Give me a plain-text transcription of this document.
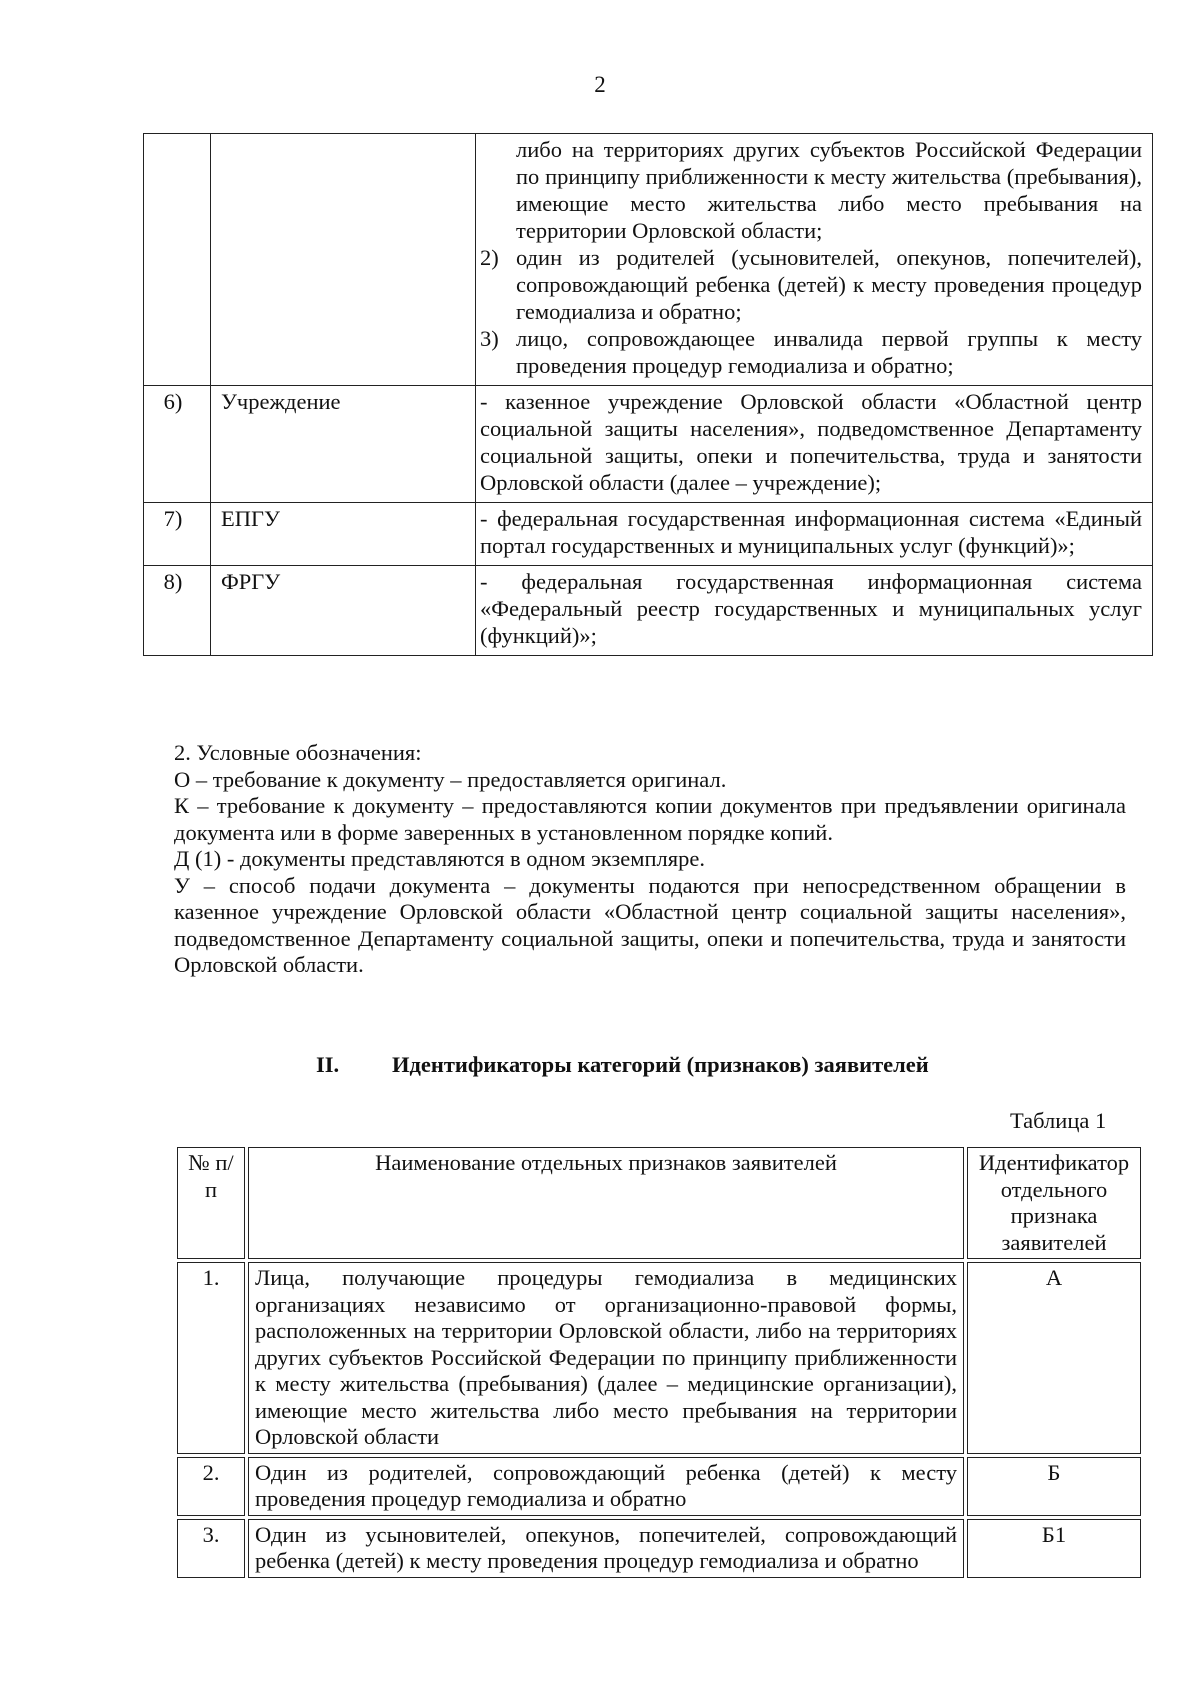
2

		либо на территориях других субъектов Российской Федерации по принципу приближенности к месту жительства (пребывания), имеющие место жительства либо место пребывания на территории Орловской области;
2) один из родителей (усыновителей, опекунов, попечителей), сопровождающий ребенка (детей) к месту проведения процедур гемодиализа и обратно;
3) лицо, сопровождающее инвалида первой группы к месту проведения процедур гемодиализа и обратно;

6)	Учреждение	- казенное учреждение Орловской области «Областной центр социальной защиты населения», подведомственное Департаменту социальной защиты, опеки и попечительства, труда и занятости Орловской области (далее – учреждение);
7)	ЕПГУ	- федеральная государственная информационная система «Единый портал государственных и муниципальных услуг (функций)»;
8)	ФРГУ	- федеральная государственная информационная система «Федеральный реестр государственных и муниципальных услуг (функций)»;

2. Условные обозначения:

О – требование к документу – предоставляется оригинал.

К – требование к документу – предоставляются копии документов при предъявлении оригинала документа или в форме заверенных в установленном порядке копий.

Д (1) - документы представляются в одном экземпляре.

У – способ подачи документа – документы подаются при непосредственном обращении в казенное учреждение Орловской области «Областной центр социальной защиты населения», подведомственное Департаменту социальной защиты, опеки и попечительства, труда и занятости Орловской области.

II. Идентификаторы категорий (признаков) заявителей
Таблица 1
№ п/п	Наименование отдельных признаков заявителей	Идентификатор отдельного признака заявителей
1.	Лица, получающие процедуры гемодиализа в медицинских организациях независимо от организационно-правовой формы, расположенных на территории Орловской области, либо на территориях других субъектов Российской Федерации по принципу приближенности к месту жительства (пребывания) (далее – медицинские организации), имеющие место жительства либо место пребывания на территории Орловской области	А
2.	Один из родителей, сопровождающий ребенка (детей) к месту проведения процедур гемодиализа и обратно	Б
3.	Один из усыновителей, опекунов, попечителей, сопровождающий ребенка (детей) к месту проведения процедур гемодиализа и обратно	Б1
